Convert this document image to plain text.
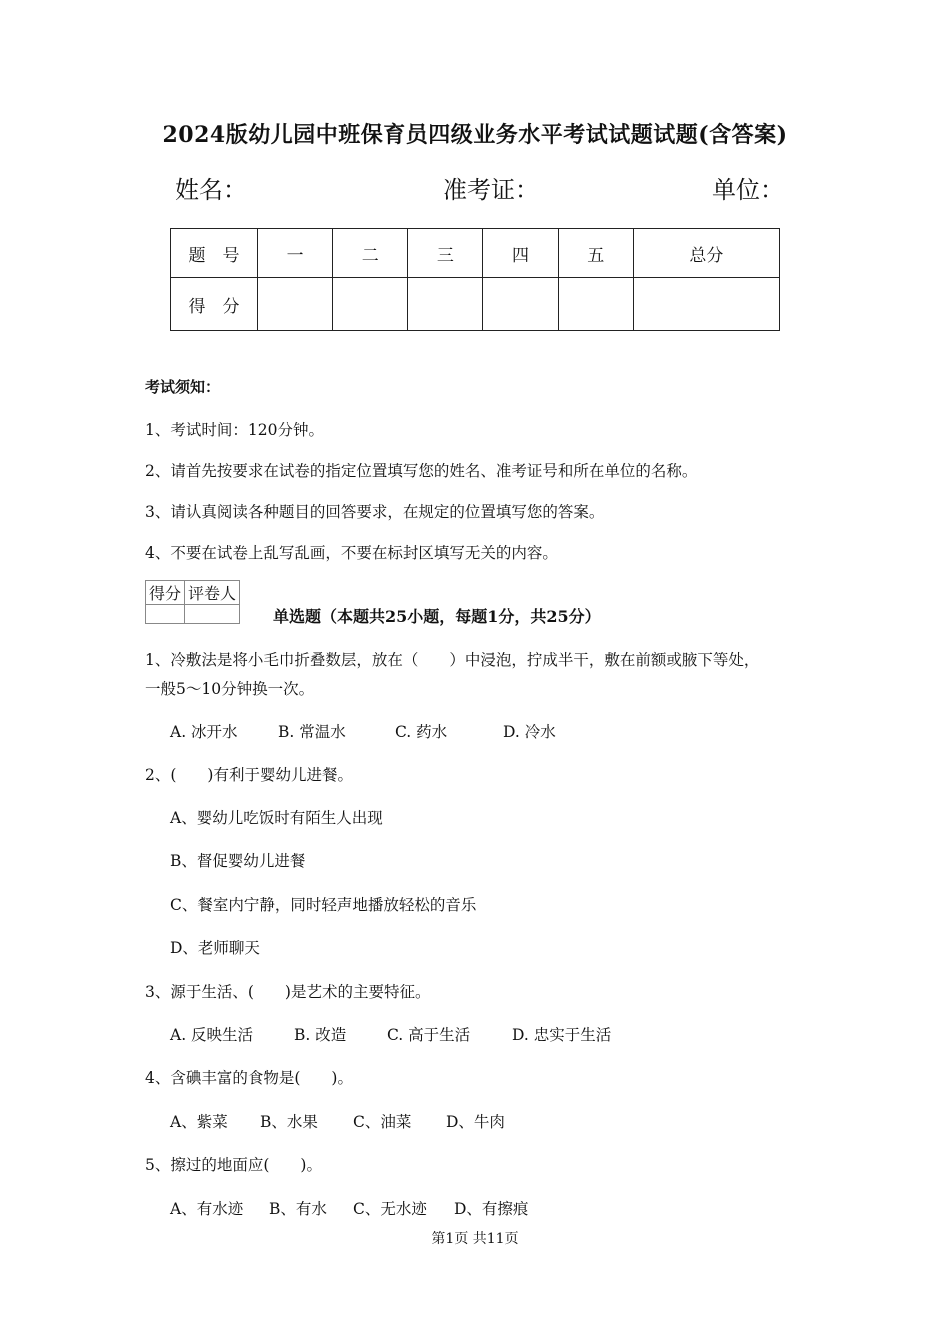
2024版幼儿园中班保育员四级业务水平考试试题试题(含答案)
姓名：	准考证：	单位：
题　号	一	二	三	四	五	总分
得　分						
考试须知：
1、考试时间：120分钟。
2、请首先按要求在试卷的指定位置填写您的姓名、准考证号和所在单位的名称。
3、请认真阅读各种题目的回答要求，在规定的位置填写您的答案。
4、不要在试卷上乱写乱画，不要在标封区填写无关的内容。
得分	评卷人

单选题（本题共25小题，每题1分，共25分）
1、冷敷法是将小毛巾折叠数层，放在（　　）中浸泡，拧成半干，敷在前额或腋下等处，
一般5～10分钟换一次。
A. 冰开水	B. 常温水	C. 药水	D. 冷水
2、(　　)有利于婴幼儿进餐。
A、婴幼儿吃饭时有陌生人出现
B、督促婴幼儿进餐
C、餐室内宁静，同时轻声地播放轻松的音乐
D、老师聊天
3、源于生活、(　　)是艺术的主要特征。
A. 反映生活	B. 改造	C. 高于生活	D. 忠实于生活
4、含碘丰富的食物是(　　)。
A、紫菜 B、水果 C、油菜 D、牛肉
5、擦过的地面应(　　)。
A、有水迹 B、有水 C、无水迹 D、有擦痕
第1页 共11页
